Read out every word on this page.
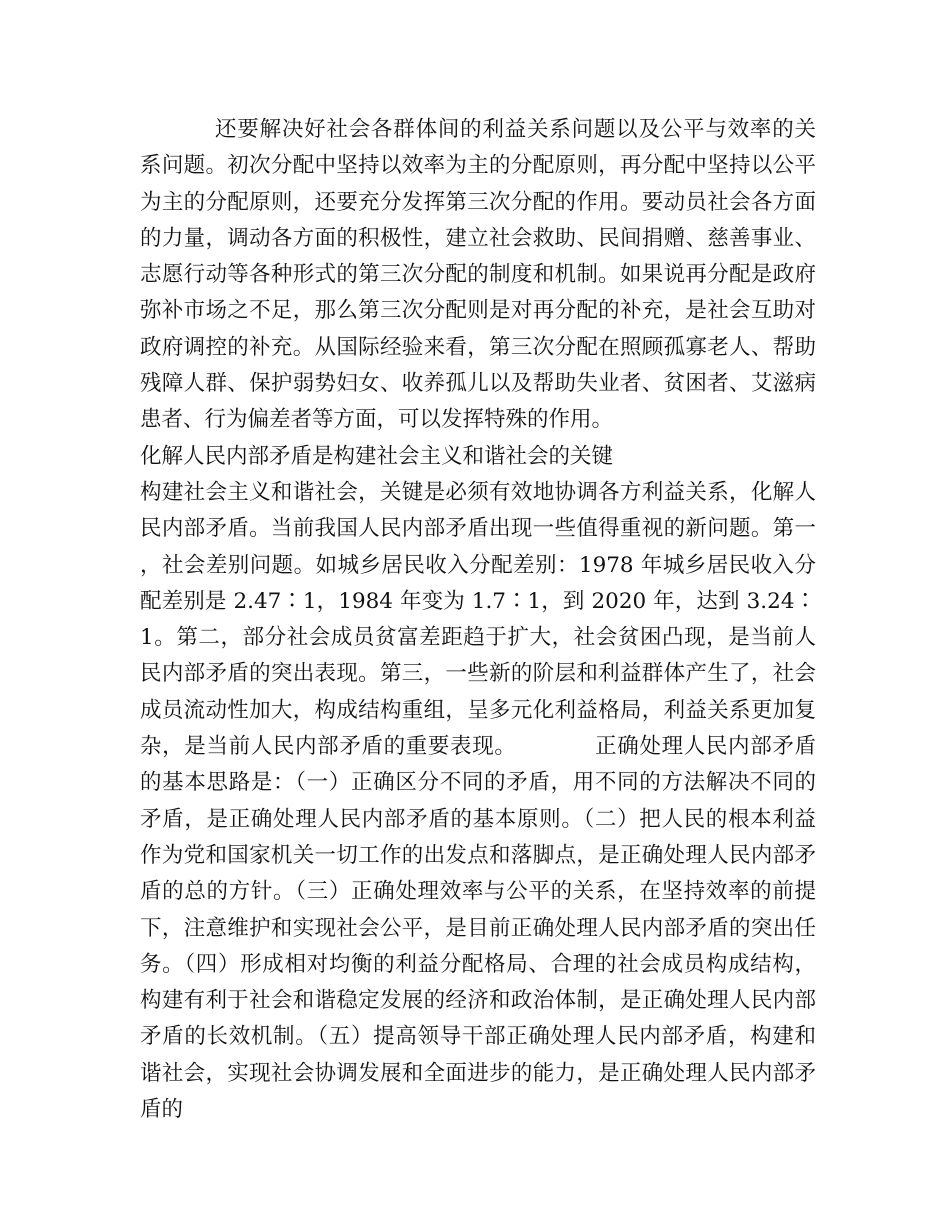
还要解决好社会各群体间的利益关系问题以及公平与效率的关系问题。初次分配中坚持以效率为主的分配原则，再分配中坚持以公平为主的分配原则，还要充分发挥第三次分配的作用。要动员社会各方面的力量，调动各方面的积极性，建立社会救助、民间捐赠、慈善事业、志愿行动等各种形式的第三次分配的制度和机制。如果说再分配是政府弥补市场之不足，那么第三次分配则是对再分配的补充，是社会互助对政府调控的补充。从国际经验来看，第三次分配在照顾孤寡老人、帮助残障人群、保护弱势妇女、收养孤儿以及帮助失业者、贫困者、艾滋病患者、行为偏差者等方面，可以发挥特殊的作用。

化解人民内部矛盾是构建社会主义和谐社会的关键

构建社会主义和谐社会，关键是必须有效地协调各方利益关系，化解人民内部矛盾。当前我国人民内部矛盾出现一些值得重视的新问题。第一，社会差别问题。如城乡居民收入分配差别：1978 年城乡居民收入分配差别是 2.47∶1，1984 年变为 1.7∶1，到 2020 年，达到 3.24∶1。第二，部分社会成员贫富差距趋于扩大，社会贫困凸现，是当前人民内部矛盾的突出表现。第三，一些新的阶层和利益群体产生了，社会成员流动性加大，构成结构重组，呈多元化利益格局，利益关系更加复杂，是当前人民内部矛盾的重要表现。	正确处理人民内部矛盾的基本思路是：（一）正确区分不同的矛盾，用不同的方法解决不同的矛盾，是正确处理人民内部矛盾的基本原则。（二）把人民的根本利益作为党和国家机关一切工作的出发点和落脚点，是正确处理人民内部矛盾的总的方针。（三）正确处理效率与公平的关系，在坚持效率的前提下，注意维护和实现社会公平，是目前正确处理人民内部矛盾的突出任务。（四）形成相对均衡的利益分配格局、合理的社会成员构成结构，构建有利于社会和谐稳定发展的经济和政治体制，是正确处理人民内部矛盾的长效机制。（五）提高领导干部正确处理人民内部矛盾，构建和谐社会，实现社会协调发展和全面进步的能力，是正确处理人民内部矛盾的
